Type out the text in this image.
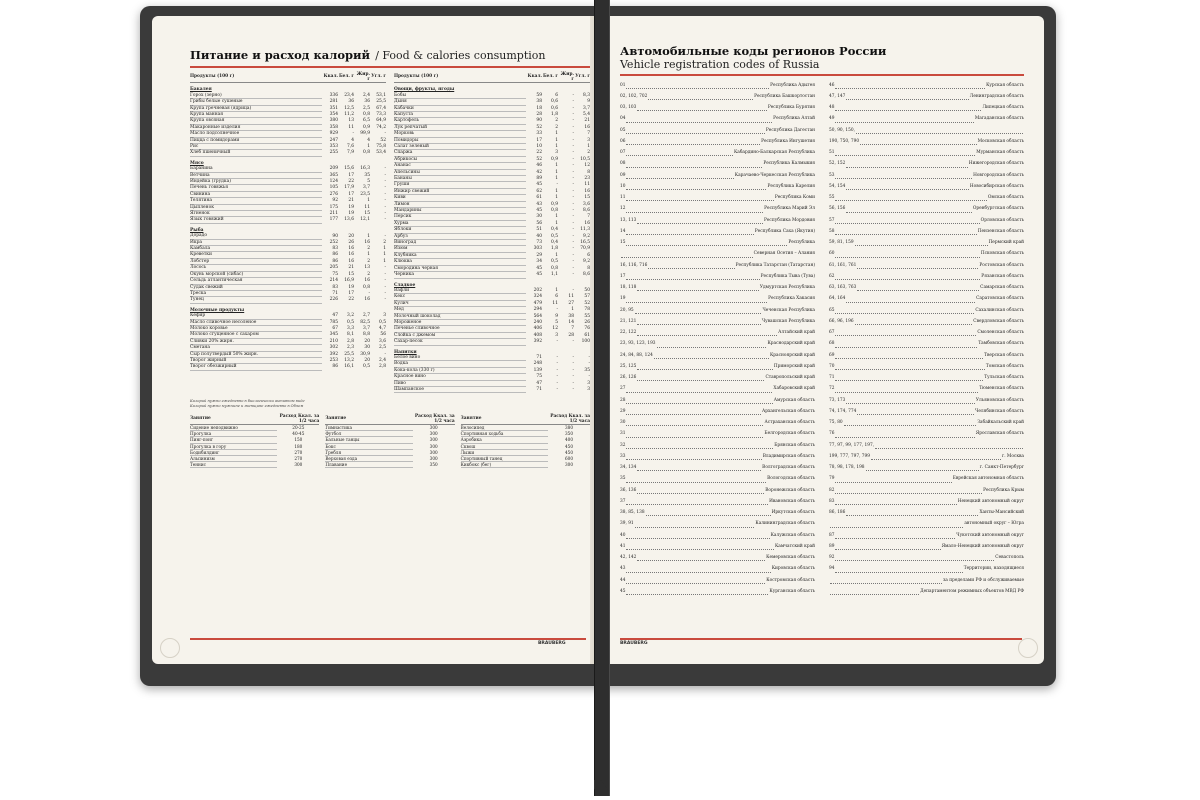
Питание и расход калорий / Food & calories consumption
Продукты (100 г)	Ккал.	Бел. г	Жир. г	Угл. г
Бакалея				
Горох (зерно)	336	23,4	2,4	53,1
Грибы белые сушеные	281	36	36	25,5
Крупа гречневая (ядрица)	351	12,5	2,5	67,4
Крупа манная	354	11,2	0,8	73,3
Крупа овсяная	380	13	6,5	64,9
Макаронные изделия	358	11	0,9	74,2
Масло подсолнечное	929	-	99,9	-
Пицца с помидорами	247	4	4	52
Рис	353	7,6	1	75,8
Хлеб пшеничный	255	7,9	0,8	53,4
Мясо				
Баранина	209	15,6	16,3	-
Ветчина	365	17	35	-
Индейка (грудка)	124	22	5	-
Печень говяжья	105	17,9	3,7	-
Свинина	276	17	23,5	-
Телятина	92	21	1	-
Цыпленок	175	19	11	-
Ягненок	211	19	15	-
Язык говяжий	177	13,6	12,1	-
Рыба				
Дорадо	90	20	1	-
Икра	252	26	16	2
Камбала	83	16	2	1
Креветки	86	16	1	1
Лобстер	86	16	2	1
Лосось	205	21	13	-
Окунь морской (сибас)	75	15	2	-
Сельдь атлантическая	214	16,9	16	-
Судак свежий	83	19	0,8	-
Треска	71	17	-	-
Тунец	226	22	16	-
Молочные продукты				
Кефир	47	3,2	2,7	3
Масло сливочное несоленое	785	0,5	82,5	0,5
Молоко коровье	67	3,3	3,7	4,7
Молоко сгущенное с сахаром	345	8,1	8,8	56
Сливки 20% жирн.	210	2,8	20	3,6
Сметана	302	2,3	30	2,5
Сыр полутвердый 50% жирн.	392	25,5	30,9	-
Творог жирный	253	13,2	20	2,4
Творог обезжирный	86	16,1	0,5	2,8
Продукты (100 г)	Ккал.	Бел. г	Жир. г	Угл. г
Овощи, фрукты, ягоды				
Бобы	59	6	-	8,3
Дыня	38	0,6	-	9
Кабачки	18	0,6	-	3,7
Капуста	28	1,8	-	5,4
Картофель	90	2	-	21
Лук репчатый	52	2	-	16
Морковь	33	1	-	7
Помидоры	17	1	-	3
Салат зеленый	10	1	-	1
Спаржа	22	3	-	2
Абрикосы	52	0,9	-	10,5
Ананас	46	1	-	12
Апельсины	42	1	-	8
Бананы	89	1	-	23
Груши	45	-	-	11
Инжир свежий	62	1	-	16
Киви	61	1	-	15
Лимон	43	0,9	-	3,6
Мандарины	45	0,8	-	8,6
Персик	30	1	-	7
Хурма	56	1	-	16
Яблоки	51	0,4	-	11,3
Арбуз	40	0,5	-	9,2
Виноград	73	0,4	-	16,5
Изюм	303	1,8	-	70,9
Клубника	29	1	-	6
Клюква	34	0,5	-	9,2
Смородина черная	45	0,8	-	8
Черника	45	1,1	-	8,6
Сладкое				
Вафли	202	1	-	50
Кекс	324	6	11	57
Кулич	479	11	27	52
Мед	294	-	1	78
Молочный шоколад	564	9	38	55
Мороженое	240	5	14	26
Печенье сливочное	406	12	7	76
Слойка с джемом	408	3	28	61
Сахар-песок	392	-	-	100
Напитки				
Белое вино	71	-	-	
Водка	248	-	-	
Кока-кола (330 г)	139	-	-	35
Красное вино	75	-	-	
Пиво	47	-	-	3
Шампанское	71	-	-	3
Калорий нужно ежедневно в биологически активном виде
Калорий нужно мужчине и женщине ежедневно в Объем
Занятие	Расход Ккал. за 1/2 часа
Сидение неподвижно	20-25
Прогулка	40-45
Пинг-понг	150
Прогулка в гору	180
Бодибилдинг	270
Альпинизм	270
Теннис	300
Занятие	Расход Ккал. за 1/2 часа
Гимнастика	300
Футбол	300
Бальные танцы	300
Бокс	300
Гребля	300
Верховая езда	300
Плавание	350
Занятие	Расход Ккал. за 1/2 часа
Велосипед	380
Спортивная ходьба	350
Аэробика	400
Сквош	450
Лыжи	450
Спортивный танец	600
Кикбокс (бег)	300
BRAUBERG
Автомобильные коды регионов России
Vehicle registration codes of Russia
01	Республика Адыгея
02, 102, 702	Республика Башкортостан
03, 103	Республика Бурятия
04	Республика Алтай
05	Республика Дагестан
06	Республика Ингушетия
07	Кабардино-Балкарская Республика
08	Республика Калмыкия
09	Карачаево-Черкесская Республика
10	Республика Карелия
11	Республика Коми
12	Республика Марий Эл
13, 113	Республика Мордовия
14	Республика Саха (Якутия)
15	Республика
Северная Осетия – Алания
16, 116, 716	Республика Татарстан (Татарстан)
17	Республика Тыва (Тува)
18, 118	Удмуртская Республика
19	Республика Хакасия
20, 95	Чеченская Республика
21, 121	Чувашская Республика
22, 122	Алтайский край
23, 93, 123, 193	Краснодарский край
24, 84, 88, 124	Красноярский край
25, 125	Приморский край
26, 126	Ставропольский край
27	Хабаровский край
28	Амурская область
29	Архангельская область
30	Астраханская область
31	Белгородская область
32	Брянская область
33	Владимирская область
34, 134	Волгоградская область
35	Вологодская область
36, 136	Воронежская область
37	Ивановская область
38, 85, 138	Иркутская область
39, 91	Калининградская область
40	Калужская область
41	Камчатский край
42, 142	Кемеровская область
43	Кировская область
44	Костромская область
45	Курганская область
46	Курская область
47, 147	Ленинградская область
48	Липецкая область
49	Магаданская область
50, 90, 150,
190, 750, 790	Московская область
51	Мурманская область
52, 152	Нижегородская область
53	Новгородская область
54, 154	Новосибирская область
55	Омская область
56, 156	Оренбургская область
57	Орловская область
58	Пензенская область
59, 81, 159	Пермский край
60	Псковская область
61, 161, 761	Ростовская область
62	Рязанская область
63, 163, 763	Самарская область
64, 164	Саратовская область
65	Сахалинская область
66, 96, 196	Свердловская область
67	Смоленская область
68	Тамбовская область
69	Тверская область
70	Томская область
71	Тульская область
72	Тюменская область
73, 173	Ульяновская область
74, 174, 774	Челябинская область
75, 80	Забайкальский край
76	Ярославская область
77, 97, 99, 177, 197,
199, 777, 797, 799	г. Москва
78, 98, 178, 198	г. Санкт-Петербург
79	Еврейская автономная область
82	Республика Крым
83	Ненецкий автономный округ
86, 186	Ханты-Мансийский
автономный округ – Югра
87	Чукотский автономный округ
89	Ямало-Ненецкий автономный округ
92	Севастополь
94	Территории, находящиеся
за пределами РФ и обслуживаемые
Департаментом режимных объектов МВД РФ
BRAUBERG
